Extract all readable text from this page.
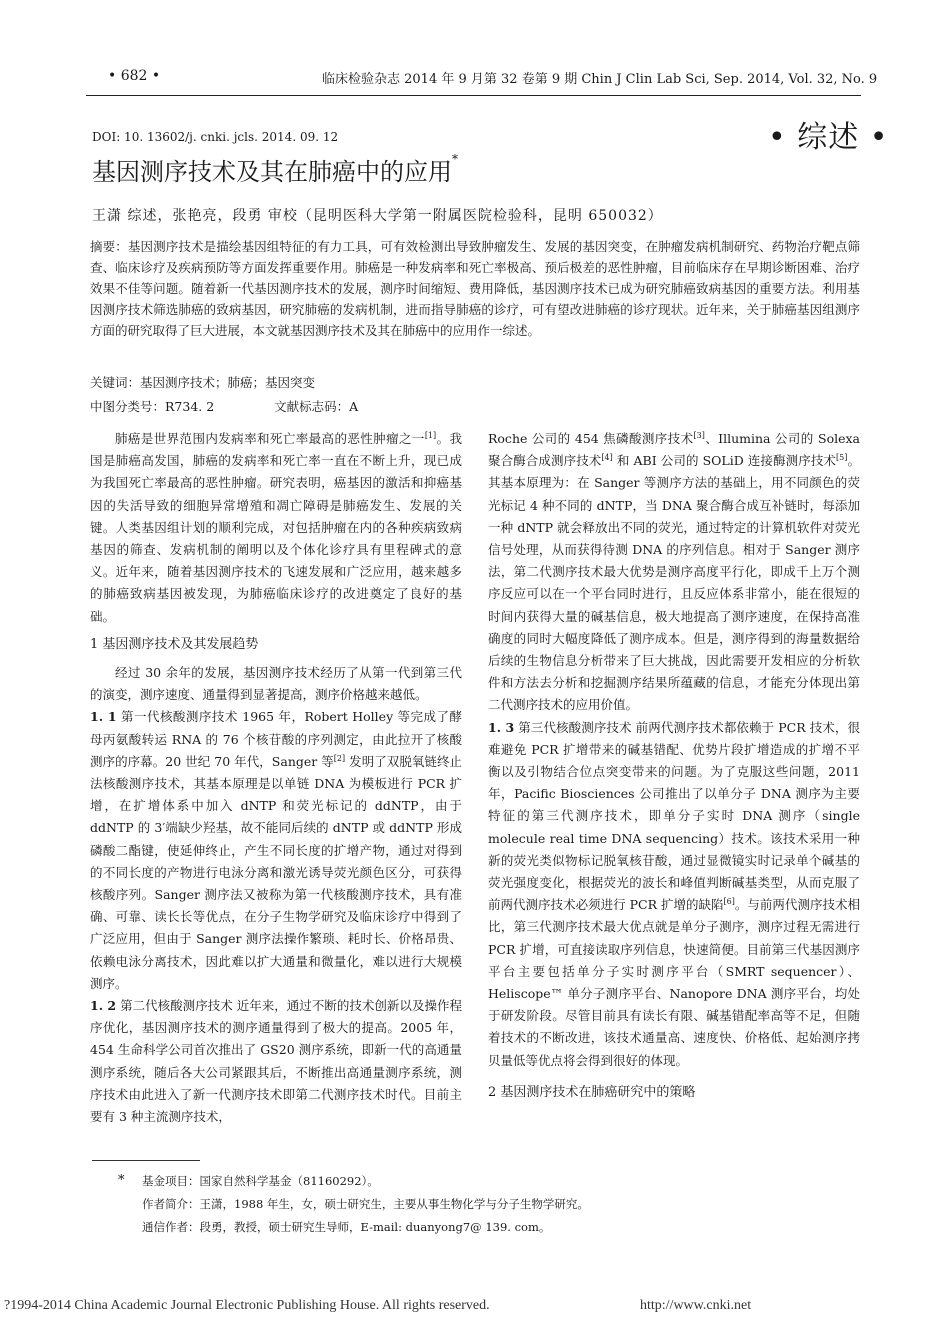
• 682 •	临床检验杂志 2014 年 9 月第 32 卷第 9 期 Chin J Clin Lab Sci, Sep. 2014, Vol. 32, No. 9
DOI: 10. 13602/j. cnki. jcls. 2014. 09. 12	• 综述 •
基因测序技术及其在肺癌中的应用*
王潇 综述，张艳亮，段勇 审校（昆明医科大学第一附属医院检验科，昆明 650032）
摘要：基因测序技术是描绘基因组特征的有力工具，可有效检测出导致肿瘤发生、发展的基因突变，在肿瘤发病机制研究、药物治疗靶点筛查、临床诊疗及疾病预防等方面发挥重要作用。肺癌是一种发病率和死亡率极高、预后极差的恶性肿瘤，目前临床存在早期诊断困难、治疗效果不佳等问题。随着新一代基因测序技术的发展，测序时间缩短、费用降低，基因测序技术已成为研究肺癌致病基因的重要方法。利用基因测序技术筛选肺癌的致病基因，研究肺癌的发病机制，进而指导肺癌的诊疗，可有望改进肺癌的诊疗现状。近年来，关于肺癌基因组测序方面的研究取得了巨大进展，本文就基因测序技术及其在肺癌中的应用作一综述。
关键词：基因测序技术；肺癌；基因突变
中图分类号：R734. 2	文献标志码：A

肺癌是世界范围内发病率和死亡率最高的恶性肿瘤之一[1]。我国是肺癌高发国，肺癌的发病率和死亡率一直在不断上升，现已成为我国死亡率最高的恶性肿瘤。研究表明，癌基因的激活和抑癌基因的失活导致的细胞异常增殖和凋亡障碍是肺癌发生、发展的关键。人类基因组计划的顺利完成，对包括肿瘤在内的各种疾病致病基因的筛查、发病机制的阐明以及个体化诊疗具有里程碑式的意义。近年来，随着基因测序技术的飞速发展和广泛应用，越来越多的肺癌致病基因被发现，为肺癌临床诊疗的改进奠定了良好的基础。

1 基因测序技术及其发展趋势

经过 30 余年的发展，基因测序技术经历了从第一代到第三代的演变，测序速度、通量得到显著提高，测序价格越来越低。

1. 1 第一代核酸测序技术 1965 年，Robert Holley 等完成了酵母丙氨酸转运 RNA 的 76 个核苷酸的序列测定，由此拉开了核酸测序的序幕。20 世纪 70 年代，Sanger 等[2] 发明了双脱氧链终止法核酸测序技术，其基本原理是以单链 DNA 为模板进行 PCR 扩增，在扩增体系中加入 dNTP 和荧光标记的 ddNTP，由于 ddNTP 的 3′端缺少羟基，故不能同后续的 dNTP 或 ddNTP 形成磷酸二酯键，使延伸终止，产生不同长度的扩增产物，通过对得到的不同长度的产物进行电泳分离和激光诱导荧光颜色区分，可获得核酸序列。Sanger 测序法又被称为第一代核酸测序技术，具有准确、可靠、读长长等优点，在分子生物学研究及临床诊疗中得到了广泛应用，但由于 Sanger 测序法操作繁琐、耗时长、价格昂贵、依赖电泳分离技术，因此难以扩大通量和微量化，难以进行大规模测序。

1. 2 第二代核酸测序技术 近年来，通过不断的技术创新以及操作程序优化，基因测序技术的测序通量得到了极大的提高。2005 年，454 生命科学公司首次推出了 GS20 测序系统，即新一代的高通量测序系统，随后各大公司紧跟其后，不断推出高通量测序系统，测序技术由此进入了新一代测序技术即第二代测序技术时代。目前主要有 3 种主流测序技术，

Roche 公司的 454 焦磷酸测序技术[3]、Illumina 公司的 Solexa 聚合酶合成测序技术[4] 和 ABI 公司的 SOLiD 连接酶测序技术[5]。其基本原理为：在 Sanger 等测序方法的基础上，用不同颜色的荧光标记 4 种不同的 dNTP，当 DNA 聚合酶合成互补链时，每添加一种 dNTP 就会释放出不同的荧光，通过特定的计算机软件对荧光信号处理，从而获得待测 DNA 的序列信息。相对于 Sanger 测序法，第二代测序技术最大优势是测序高度平行化，即成千上万个测序反应可以在一个平台同时进行，且反应体系非常小，能在很短的时间内获得大量的碱基信息，极大地提高了测序速度，在保持高准确度的同时大幅度降低了测序成本。但是，测序得到的海量数据给后续的生物信息分析带来了巨大挑战，因此需要开发相应的分析软件和方法去分析和挖掘测序结果所蕴藏的信息，才能充分体现出第二代测序技术的应用价值。

1. 3 第三代核酸测序技术 前两代测序技术都依赖于 PCR 技术，很难避免 PCR 扩增带来的碱基错配、优势片段扩增造成的扩增不平衡以及引物结合位点突变带来的问题。为了克服这些问题，2011 年，Pacific Biosciences 公司推出了以单分子 DNA 测序为主要特征的第三代测序技术，即单分子实时 DNA 测序（single molecule real time DNA sequencing）技术。该技术采用一种新的荧光类似物标记脱氧核苷酸，通过显微镜实时记录单个碱基的荧光强度变化，根据荧光的波长和峰值判断碱基类型，从而克服了前两代测序技术必须进行 PCR 扩增的缺陷[6]。与前两代测序技术相比，第三代测序技术最大优点就是单分子测序，测序过程无需进行 PCR 扩增，可直接读取序列信息，快速简便。目前第三代基因测序平台主要包括单分子实时测序平台（SMRT sequencer）、Heliscope™ 单分子测序平台、Nanopore DNA 测序平台，均处于研发阶段。尽管目前具有读长有限、碱基错配率高等不足，但随着技术的不断改进，该技术通量高、速度快、价格低、起始测序拷贝量低等优点将会得到很好的体现。

2 基因测序技术在肺癌研究中的策略
* 基金项目：国家自然科学基金（81160292）。
作者简介：王潇，1988 年生，女，硕士研究生，主要从事生物化学与分子生物学研究。
通信作者：段勇，教授，硕士研究生导师，E-mail: duanyong7@ 139. com。
?1994-2014 China Academic Journal Electronic Publishing House. All rights reserved.	http://www.cnki.net
